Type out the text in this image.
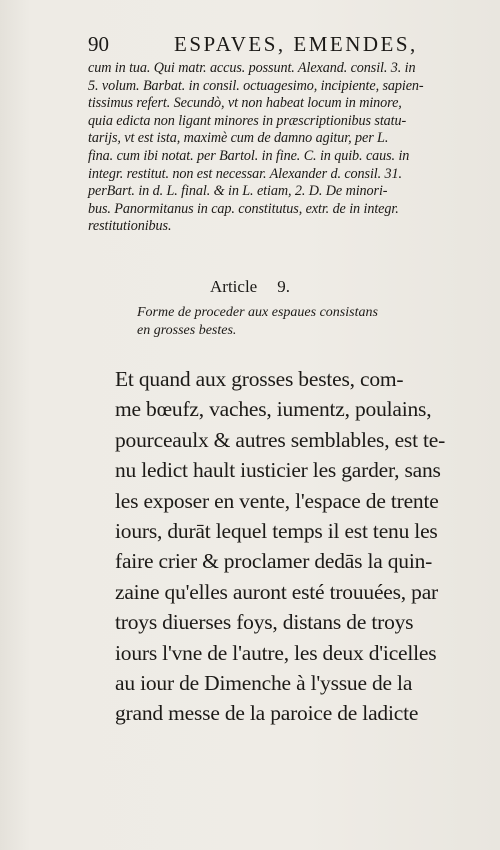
90	ESPAVES, EMENDES,
cum in tua. Qui matr. accus. possunt. Alexand. consil. 3. in
5. volum. Barbat. in consil. octuagesimo, incipiente, sapien-
tissimus refert. Secundò, vt non habeat locum in minore,
quia edicta non ligant minores in præscriptionibus statu-
tarijs, vt est ista, maximè cum de damno agitur, per L.
fina. cum ibi notat. per Bartol. in fine. C. in quib. caus. in
integr. restitut. non est necessar. Alexander d. consil. 31.
perBart. in d. L. final. & in L. etiam, 2. D. De minori-
bus. Panormitanus in cap. constitutus, extr. de in integr.
restitutionibus.
Article 9.
Forme de proceder aux espaues consistans
en grosses bestes.
Et quand aux grosses bestes, com-
me bœufz, vaches, iumentz, poulains,
pourceaulx & autres semblables, est te-
nu ledict hault iusticier les garder, sans
les exposer en vente, l'espace de trente
iours, durāt lequel temps il est tenu les
faire crier & proclamer dedās la quin-
zaine qu'elles auront esté trouuées, par
troys diuerses foys, distans de troys
iours l'vne de l'autre, les deux d'icelles
au iour de Dimenche à l'yssue de la
grand messe de la paroice de ladicte
